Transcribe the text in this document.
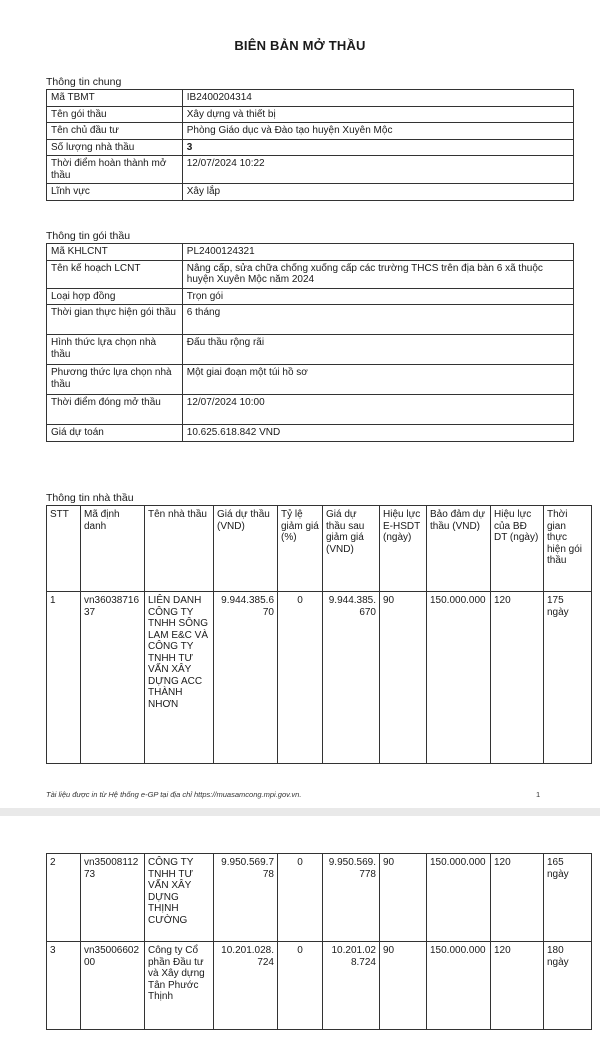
BIÊN BẢN MỞ THẦU
Thông tin chung
Mã TBMT	IB2400204314
Tên gói thầu	Xây dựng và thiết bị
Tên chủ đầu tư	Phòng Giáo dục và Đào tạo huyện Xuyên Mộc
Số lượng nhà thầu	3
Thời điểm hoàn thành mở thầu	12/07/2024 10:22
Lĩnh vực	Xây lắp
Thông tin gói thầu
Mã KHLCNT	PL2400124321
Tên kế hoạch LCNT	Nâng cấp, sửa chữa chống xuống cấp các trường THCS trên địa bàn 6 xã thuộc huyện Xuyên Mộc năm 2024
Loại hợp đồng	Trọn gói
Thời gian thực hiện gói thầu	6 tháng
Hình thức lựa chọn nhà thầu	Đấu thầu rộng rãi
Phương thức lựa chọn nhà thầu	Một giai đoạn một túi hồ sơ
Thời điểm đóng mở thầu	12/07/2024 10:00
Giá dự toán	10.625.618.842 VND
Thông tin nhà thầu
STT	Mã định danh	Tên nhà thầu	Giá dự thầu (VND)	Tỷ lệ giảm giá (%)	Giá dự thầu sau giảm giá (VND)	Hiệu lực E-HSDT (ngày)	Bảo đảm dự thầu (VND)	Hiệu lực của BĐ DT (ngày)	Thời gian thực hiện gói thầu
1	vn3603871637	LIÊN DANH CÔNG TY TNHH SÔNG LAM E&C VÀ CÔNG TY TNHH TƯ VẤN XÂY DỰNG ACC THÀNH NHƠN	9.944.385.670	0	9.944.385.670	90	150.000.000	120	175 ngày
Tài liệu được in từ Hệ thống e-GP tại địa chỉ https://muasamcong.mpi.gov.vn.	1
2	vn3500811273	CÔNG TY TNHH TƯ VẤN XÂY DỰNG THỊNH CƯỜNG	9.950.569.778	0	9.950.569.778	90	150.000.000	120	165 ngày
3	vn3500660200	Công ty Cổ phần Đầu tư và Xây dựng Tân Phước Thịnh	10.201.028.724	0	10.201.028.724	90	150.000.000	120	180 ngày
